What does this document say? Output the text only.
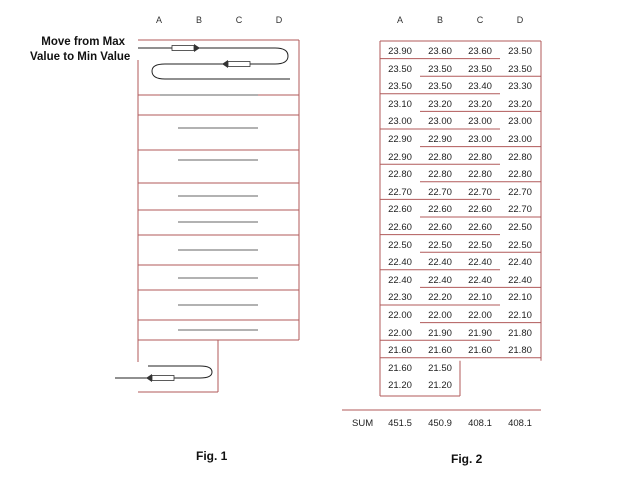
A	B	C	D
Move from Max
Value to Min Value
A	B	C	D
23.90 23.60 23.60 23.50
23.50 23.50 23.50 23.50
23.50 23.50 23.40 23.30
23.10 23.20 23.20 23.20
23.00 23.00 23.00 23.00
22.90 22.90 23.00 23.00
22.90 22.80 22.80 22.80
22.80 22.80 22.80 22.80
22.70 22.70 22.70 22.70
22.60 22.60 22.60 22.70
22.60 22.60 22.60 22.50
22.50 22.50 22.50 22.50
22.40 22.40 22.40 22.40
22.40 22.40 22.40 22.40
22.30 22.20 22.10 22.10
22.00 22.00 22.00 22.10
22.00 21.90 21.90 21.80
21.60 21.60 21.60 21.80
21.60 21.50
21.20 21.20
SUM 451.5 450.9 408.1 408.1
Fig. 1	Fig. 2
